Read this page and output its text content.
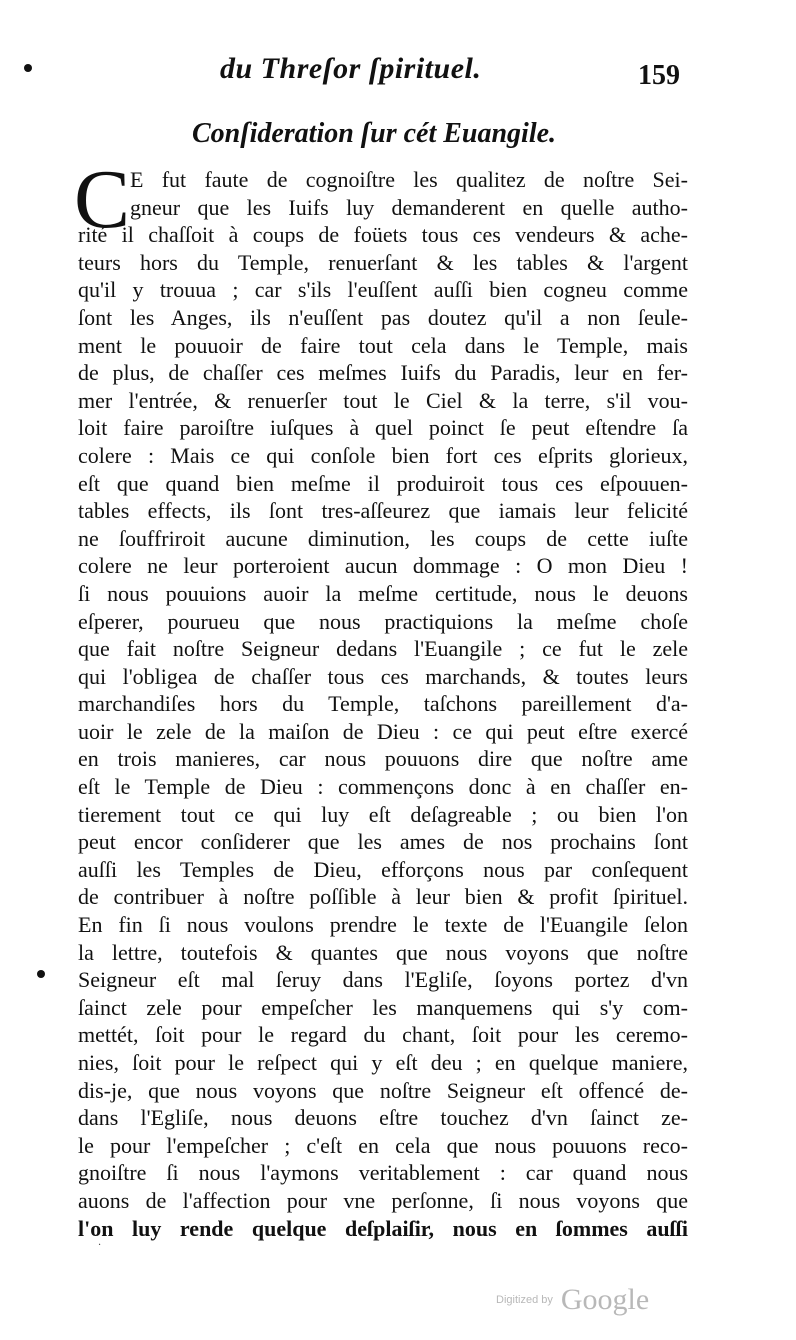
du Threſor ſpirituel.	159
Conſideration ſur cét Euangile.
C E fut faute de cognoiſtre les qualitez de noſtre Sei-
gneur que les Iuifs luy demanderent en quelle autho-
rité il chaſſoit à coups de foüets tous ces vendeurs & ache-
teurs hors du Temple, renuerſant & les tables & l'argent
qu'il y trouua ; car s'ils l'euſſent auſſi bien cogneu comme
ſont les Anges, ils n'euſſent pas doutez qu'il a non ſeule-
ment le pouuoir de faire tout cela dans le Temple, mais
de plus, de chaſſer ces meſmes Iuifs du Paradis, leur en fer-
mer l'entrée, & renuerſer tout le Ciel & la terre, s'il vou-
loit faire paroiſtre iuſques à quel poinct ſe peut eſtendre ſa
colere : Mais ce qui conſole bien fort ces eſprits glorieux,
eſt que quand bien meſme il produiroit tous ces eſpouuen-
tables effects, ils ſont tres-aſſeurez que iamais leur felicité
ne ſouffriroit aucune diminution, les coups de cette iuſte
colere ne leur porteroient aucun dommage : O mon Dieu !
ſi nous pouuions auoir la meſme certitude, nous le deuons
eſperer, pourueu que nous practiquions la meſme choſe
que fait noſtre Seigneur dedans l'Euangile ; ce fut le zele
qui l'obligea de chaſſer tous ces marchands, & toutes leurs
marchandiſes hors du Temple, taſchons pareillement d'a-
uoir le zele de la maiſon de Dieu : ce qui peut eſtre exercé
en trois manieres, car nous pouuons dire que noſtre ame
eſt le Temple de Dieu : commençons donc à en chaſſer en-
tierement tout ce qui luy eſt deſagreable ; ou bien l'on
peut encor conſiderer que les ames de nos prochains ſont
auſſi les Temples de Dieu, efforçons nous par conſequent
de contribuer à noſtre poſſible à leur bien & profit ſpirituel.
En fin ſi nous voulons prendre le texte de l'Euangile ſelon
la lettre, toutefois & quantes que nous voyons que noſtre
Seigneur eſt mal ſeruy dans l'Egliſe, ſoyons portez d'vn
ſainct zele pour empeſcher les manquemens qui s'y com-
mettét, ſoit pour le regard du chant, ſoit pour les ceremo-
nies, ſoit pour le reſpect qui y eſt deu ; en quelque maniere,
dis-je, que nous voyons que noſtre Seigneur eſt offencé de-
dans l'Egliſe, nous deuons eſtre touchez d'vn ſainct ze-
le pour l'empeſcher ; c'eſt en cela que nous pouuons reco-
gnoiſtre ſi nous l'aymons veritablement : car quand nous
auons de l'affection pour vne perſonne, ſi nous voyons que
l'on luy rende quelque deſplaiſir, nous en ſommes auſſi
·
Digitized by Google
